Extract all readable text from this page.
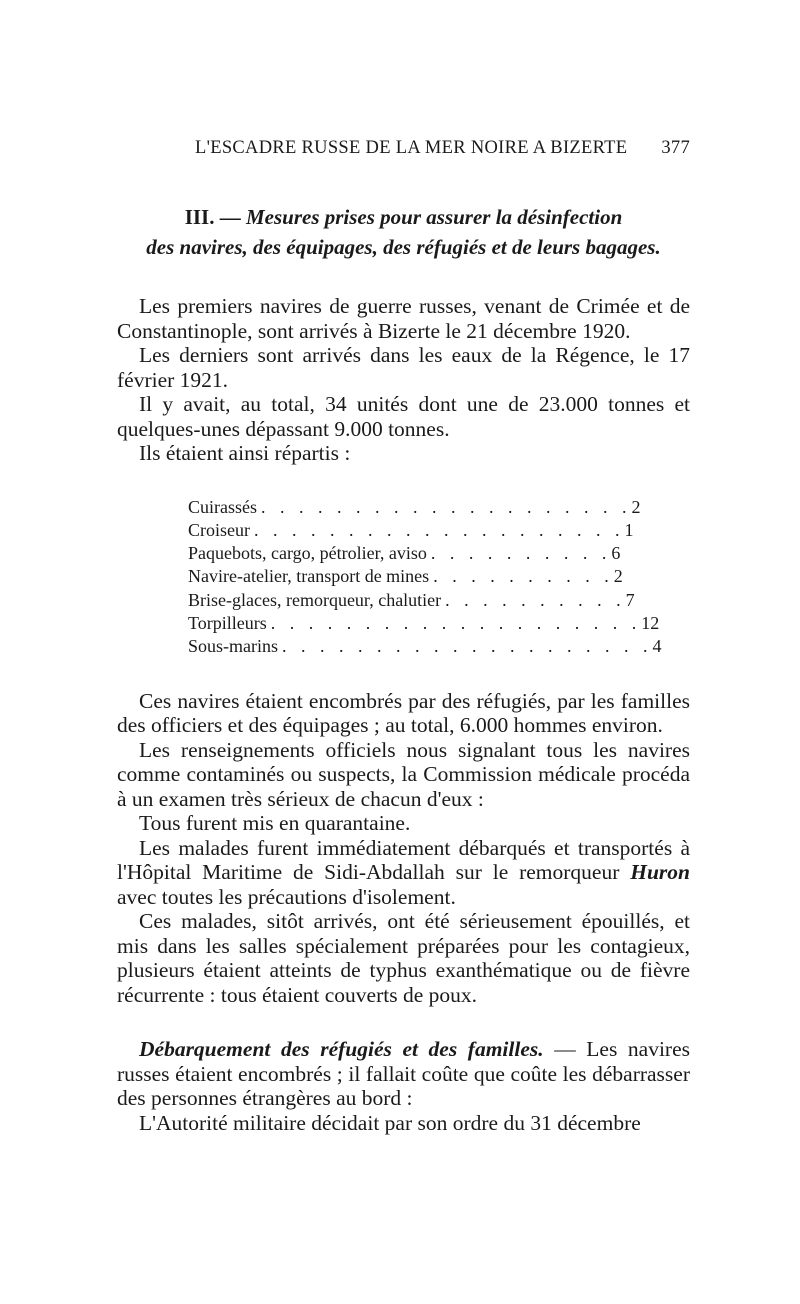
L'ESCADRE RUSSE DE LA MER NOIRE A BIZERTE 377
III. — Mesures prises pour assurer la désinfection
des navires, des équipages, des réfugiés et de leurs bagages.

Les premiers navires de guerre russes, venant de Crimée et de Constantinople, sont arrivés à Bizerte le 21 décembre 1920.

Les derniers sont arrivés dans les eaux de la Régence, le 17 février 1921.

Il y avait, au total, 34 unités dont une de 23.000 tonnes et quelques-unes dépassant 9.000 tonnes.

Ils étaient ainsi répartis :

Cuirassés . . . . . . . . . . . . . . . . . . . . 2
Croiseur . . . . . . . . . . . . . . . . . . . . 1
Paquebots, cargo, pétrolier, aviso . . . . . . . . . . 6
Navire-atelier, transport de mines . . . . . . . . . . 2
Brise-glaces, remorqueur, chalutier . . . . . . . . . . 7
Torpilleurs . . . . . . . . . . . . . . . . . . . . 12
Sous-marins . . . . . . . . . . . . . . . . . . . . 4

Ces navires étaient encombrés par des réfugiés, par les familles des officiers et des équipages ; au total, 6.000 hommes environ.

Les renseignements officiels nous signalant tous les navires comme contaminés ou suspects, la Commission médicale procéda à un examen très sérieux de chacun d'eux :

Tous furent mis en quarantaine.

Les malades furent immédiatement débarqués et transportés à l'Hôpital Maritime de Sidi-Abdallah sur le remorqueur Huron avec toutes les précautions d'isolement.

Ces malades, sitôt arrivés, ont été sérieusement épouillés, et mis dans les salles spécialement préparées pour les contagieux, plusieurs étaient atteints de typhus exanthématique ou de fièvre récurrente : tous étaient couverts de poux.

Débarquement des réfugiés et des familles. — Les navires russes étaient encombrés ; il fallait coûte que coûte les débarrasser des personnes étrangères au bord :

L'Autorité militaire décidait par son ordre du 31 décembre
